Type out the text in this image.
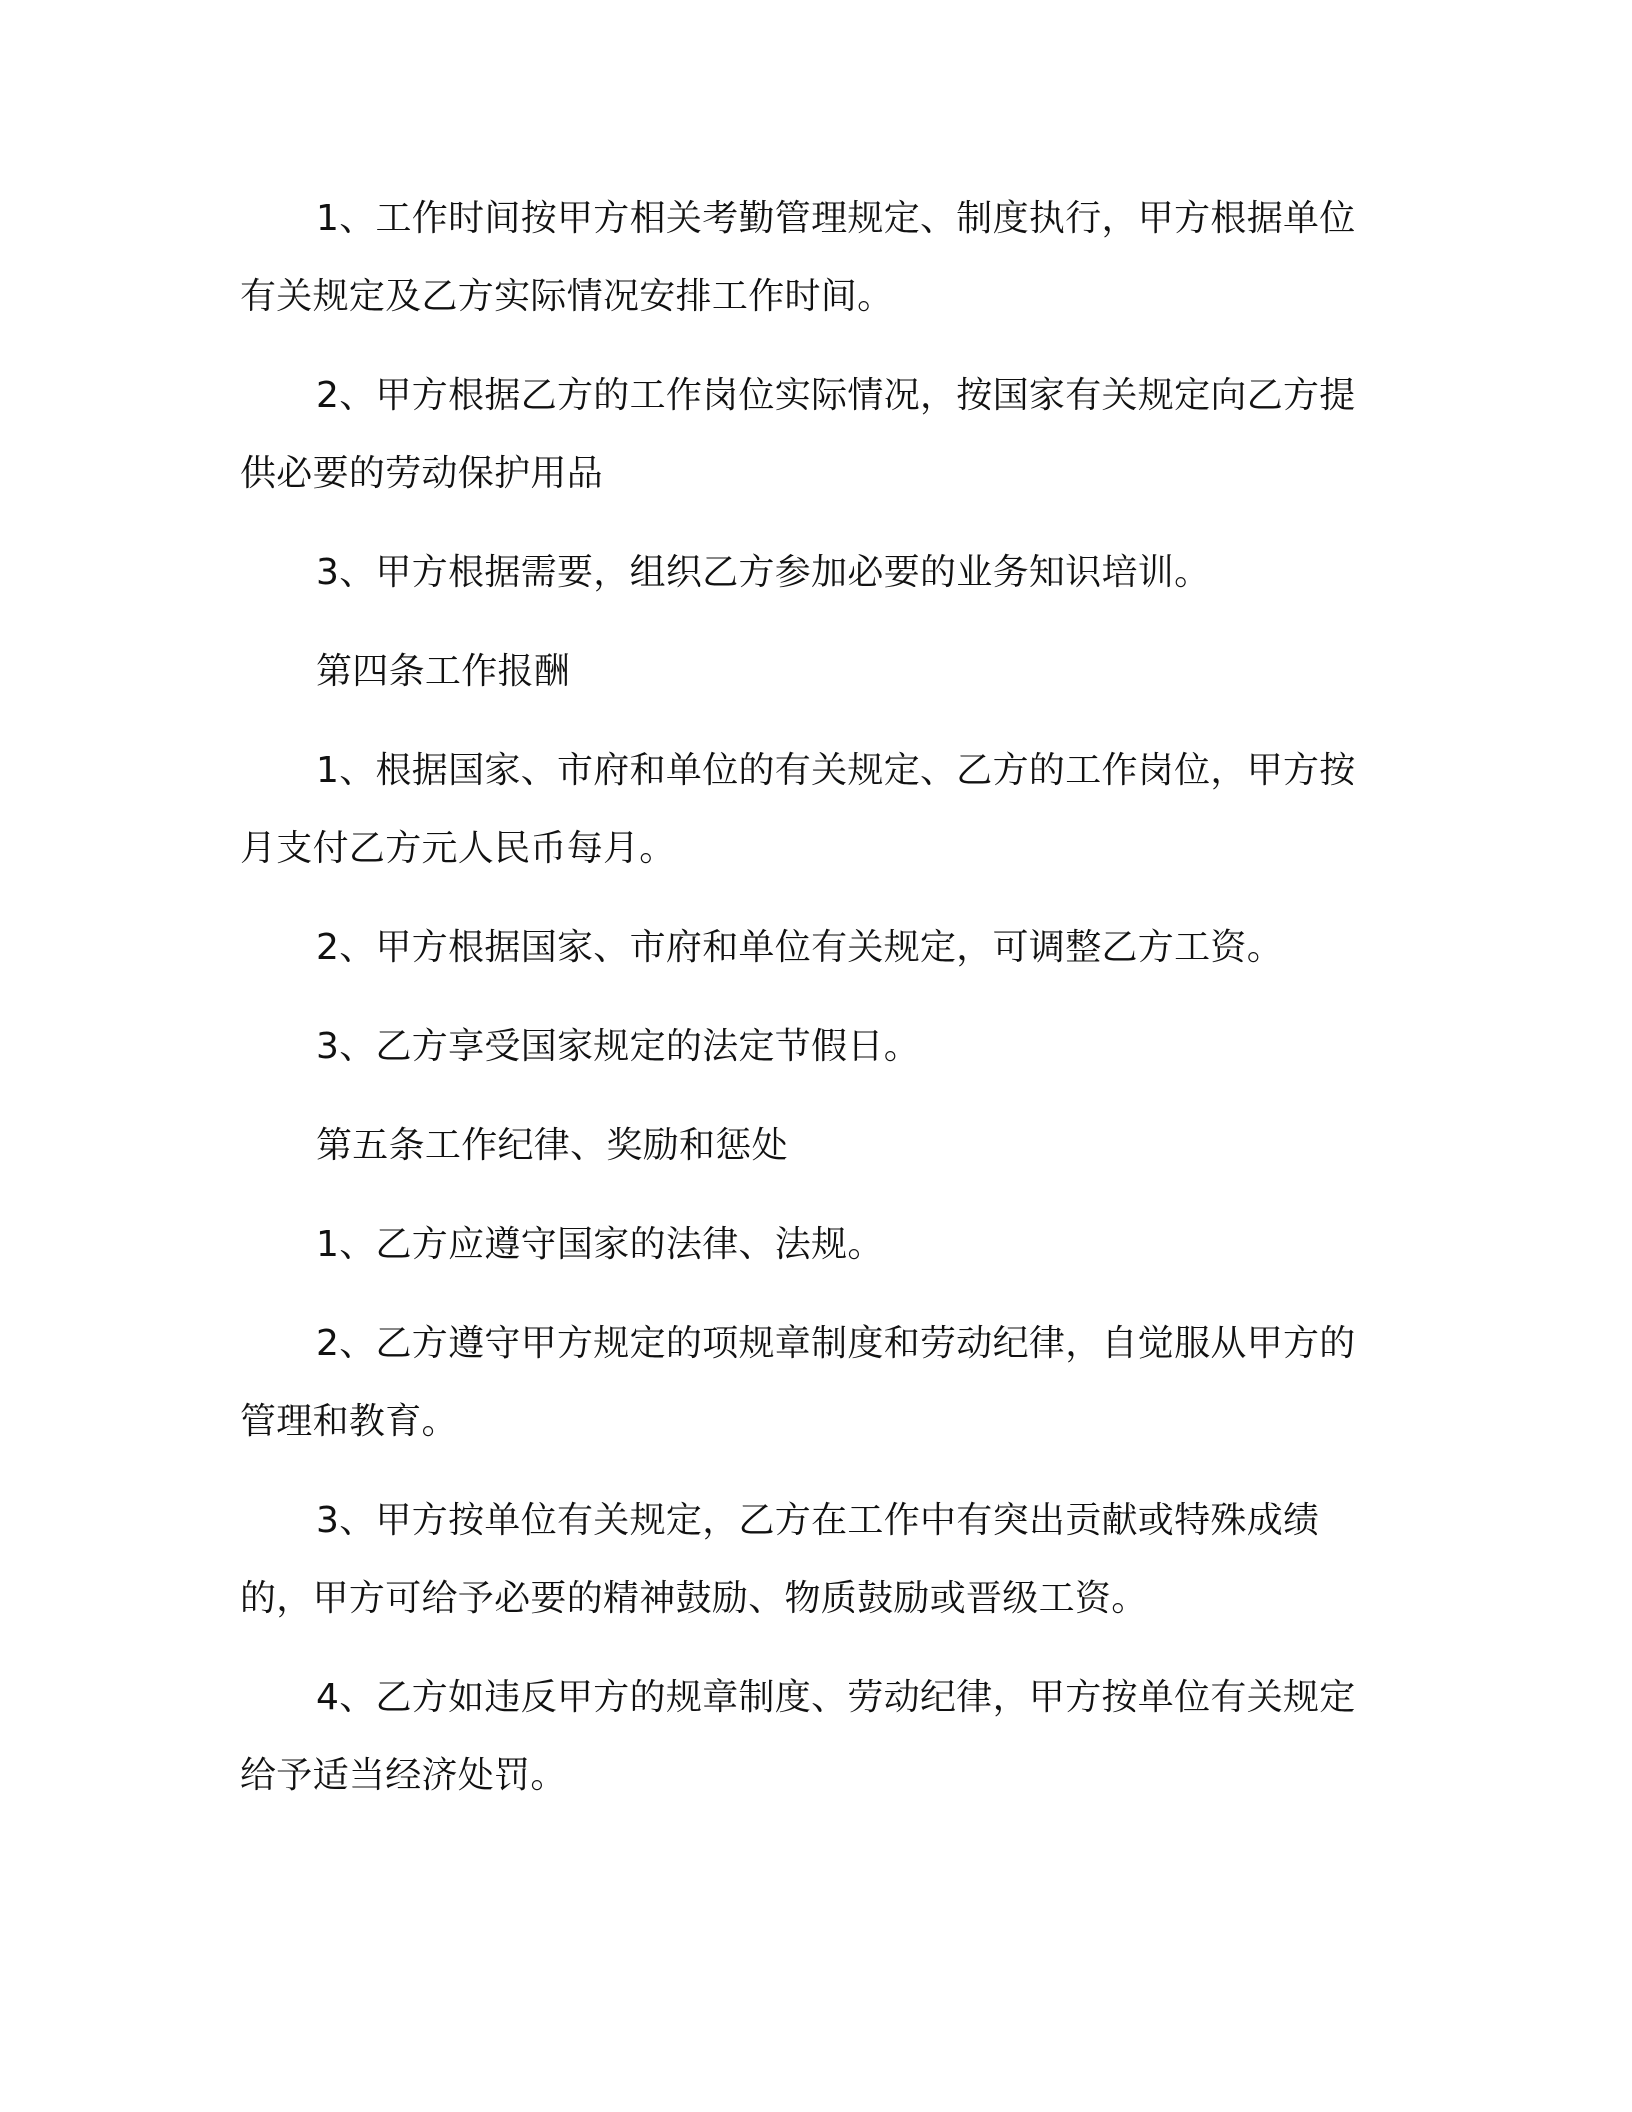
1、工作时间按甲方相关考勤管理规定、制度执行，甲方根据单位有关规定及乙方实际情况安排工作时间。

2、甲方根据乙方的工作岗位实际情况，按国家有关规定向乙方提供必要的劳动保护用品

3、甲方根据需要，组织乙方参加必要的业务知识培训。

第四条工作报酬

1、根据国家、市府和单位的有关规定、乙方的工作岗位，甲方按月支付乙方元人民币每月。

2、甲方根据国家、市府和单位有关规定，可调整乙方工资。

3、乙方享受国家规定的法定节假日。

第五条工作纪律、奖励和惩处

1、乙方应遵守国家的法律、法规。

2、乙方遵守甲方规定的项规章制度和劳动纪律，自觉服从甲方的管理和教育。

3、甲方按单位有关规定，乙方在工作中有突出贡献或特殊成绩的，甲方可给予必要的精神鼓励、物质鼓励或晋级工资。

4、乙方如违反甲方的规章制度、劳动纪律，甲方按单位有关规定给予适当经济处罚。
